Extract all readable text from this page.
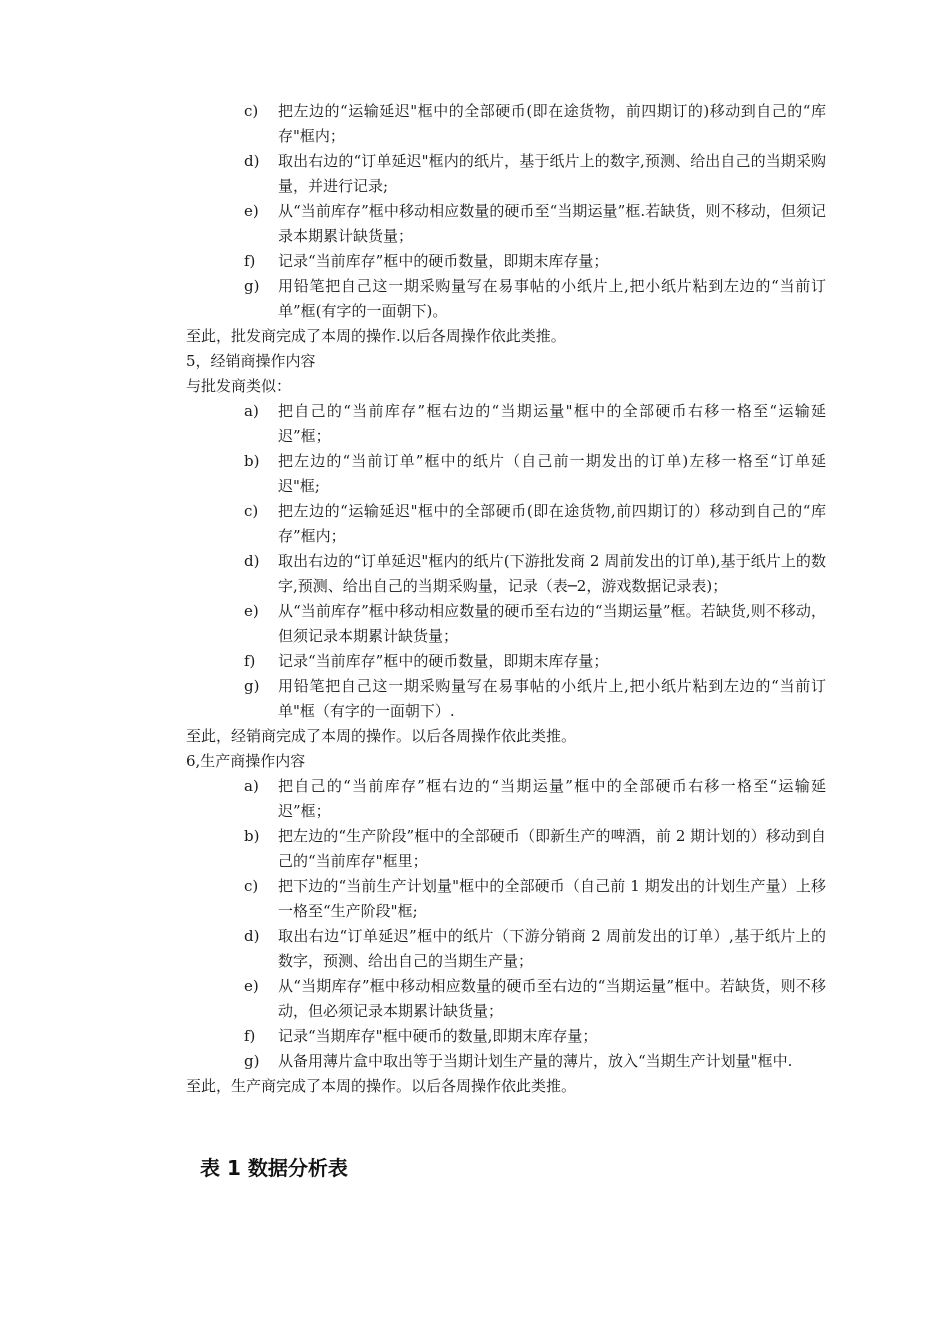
c)	把左边的“运输延迟"框中的全部硬币(即在途货物，前四期订的)移动到自己的“库存"框内；
d)	取出右边的“订单延迟"框内的纸片，基于纸片上的数字,预测、给出自己的当期采购量，并进行记录;
e)	从“当前库存”框中移动相应数量的硬币至“当期运量”框.若缺货，则不移动，但须记录本期累计缺货量；
f)	记录“当前库存”框中的硬币数量，即期末库存量；
g)	用铅笔把自己这一期采购量写在易事帖的小纸片上,把小纸片粘到左边的“当前订单”框(有字的一面朝下)。
至此，批发商完成了本周的操作.以后各周操作依此类推。
5，经销商操作内容
与批发商类似：
a)	把自己的“当前库存”框右边的“当期运量"框中的全部硬币右移一格至“运输延迟”框；
b)	把左边的“当前订单”框中的纸片（自己前一期发出的订单)左移一格至“订单延迟"框;
c)	把左边的“运输延迟"框中的全部硬币(即在途货物,前四期订的）移动到自己的“库存”框内；
d)	取出右边的“订单延迟"框内的纸片(下游批发商 2 周前发出的订单),基于纸片上的数字,预测、给出自己的当期采购量，记录（表─2，游戏数据记录表)；
e)	从“当前库存”框中移动相应数量的硬币至右边的“当期运量”框。若缺货,则不移动，但须记录本期累计缺货量；
f)	记录“当前库存”框中的硬币数量，即期末库存量；
g)	用铅笔把自己这一期采购量写在易事帖的小纸片上,把小纸片粘到左边的“当前订单"框（有字的一面朝下）.
至此，经销商完成了本周的操作。以后各周操作依此类推。
6,生产商操作内容
a)	把自己的“当前库存”框右边的“当期运量”框中的全部硬币右移一格至“运输延迟”框；
b)	把左边的“生产阶段”框中的全部硬币（即新生产的啤酒，前 2 期计划的）移动到自己的“当前库存"框里；
c)	把下边的“当前生产计划量"框中的全部硬币（自己前 1 期发出的计划生产量）上移一格至“生产阶段"框;
d)	取出右边“订单延迟”框中的纸片（下游分销商 2 周前发出的订单）,基于纸片上的数字，预测、给出自己的当期生产量；
e)	从“当期库存”框中移动相应数量的硬币至右边的“当期运量”框中。若缺货，则不移动，但必须记录本期累计缺货量；
f)	记录“当期库存"框中硬币的数量,即期末库存量；
g)	从备用薄片盒中取出等于当期计划生产量的薄片，放入“当期生产计划量"框中.
至此，生产商完成了本周的操作。以后各周操作依此类推。
表 1 数据分析表
